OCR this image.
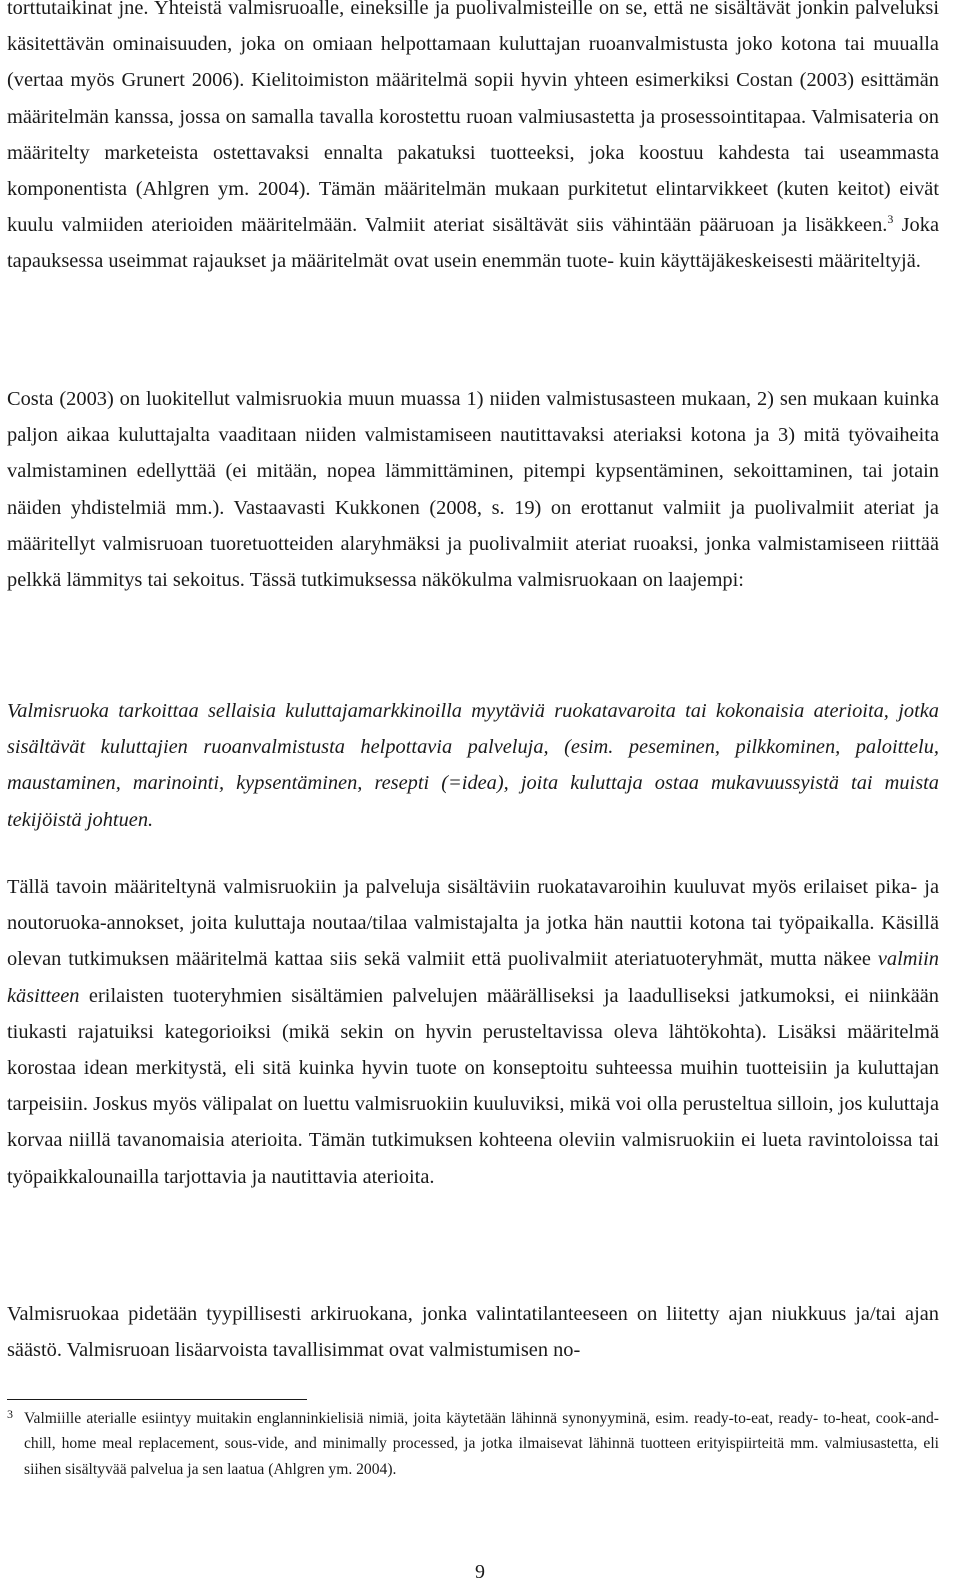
torttutaikinat jne. Yhteistä valmisruoalle, eineksille ja puolivalmisteille on se, että ne sisältävät jonkin palveluksi käsitettävän ominaisuuden, joka on omiaan helpottamaan kuluttajan ruoanvalmistusta joko kotona tai muualla (vertaa myös Grunert 2006). Kielitoimiston määritelmä sopii hyvin yhteen esimerkiksi Costan (2003) esittämän määritelmän kanssa, jossa on samalla tavalla korostettu ruoan valmiusastetta ja prosessointitapaa. Valmisateria on määritelty marketeista ostettavaksi ennalta pakatuksi tuotteeksi, joka koostuu kahdesta tai useammasta komponentista (Ahlgren ym. 2004). Tämän määritelmän mukaan purkitetut elintarvikkeet (kuten keitot) eivät kuulu valmiiden aterioiden määritelmään. Valmiit ateriat sisältävät siis vähintään pääruoan ja lisäkkeen.$^3$ Joka tapauksessa useimmat rajaukset ja määritelmät ovat usein enemmän tuote- kuin käyttäjäkeskeisesti määriteltyjä.

Costa (2003) on luokitellut valmisruokia muun muassa 1) niiden valmistusasteen mukaan, 2) sen mukaan kuinka paljon aikaa kuluttajalta vaaditaan niiden valmistamiseen nautittavaksi ateriaksi kotona ja 3) mitä työvaiheita valmistaminen edellyttää (ei mitään, nopea lämmittäminen, pitempi kypsentäminen, sekoittaminen, tai jotain näiden yhdistelmiä mm.). Vastaavasti Kukkonen (2008, s. 19) on erottanut valmiit ja puolivalmiit ateriat ja määritellyt valmisruoan tuoretuotteiden alaryhmäksi ja puolivalmiit ateriat ruoaksi, jonka valmistamiseen riittää pelkkä lämmitys tai sekoitus. Tässä tutkimuksessa näkökulma valmisruokaan on laajempi:

Valmisruoka tarkoittaa sellaisia kuluttajamarkkinoilla myytäviä ruokatavaroita tai kokonaisia aterioita, jotka sisältävät kuluttajien ruoanvalmistusta helpottavia palveluja, (esim. peseminen, pilkkominen, paloittelu, maustaminen, marinointi, kypsentäminen, resepti (=idea), joita kuluttaja ostaa mukavuussyistä tai muista tekijöistä johtuen.

Tällä tavoin määriteltynä valmisruokiin ja palveluja sisältäviin ruokatavaroihin kuuluvat myös erilaiset pika- ja noutoruoka-annokset, joita kuluttaja noutaa/tilaa valmistajalta ja jotka hän nauttii kotona tai työpaikalla. Käsillä olevan tutkimuksen määritelmä kattaa siis sekä valmiit että puolivalmiit ateriatuoteryhmät, mutta näkee valmiin käsitteen erilaisten tuoteryhmien sisältämien palvelujen määrälliseksi ja laadulliseksi jatkumoksi, ei niinkään tiukasti rajatuiksi kategorioiksi (mikä sekin on hyvin perusteltavissa oleva lähtökohta). Lisäksi määritelmä korostaa idean merkitystä, eli sitä kuinka hyvin tuote on konseptoitu suhteessa muihin tuotteisiin ja kuluttajan tarpeisiin. Joskus myös välipalat on luettu valmisruokiin kuuluviksi, mikä voi olla perusteltua silloin, jos kuluttaja korvaa niillä tavanomaisia aterioita. Tämän tutkimuksen kohteena oleviin valmisruokiin ei lueta ravintoloissa tai työpaikkalounailla tarjottavia ja nautittavia aterioita.

Valmisruokaa pidetään tyypillisesti arkiruokana, jonka valintatilanteeseen on liitetty ajan niukkuus ja/tai ajan säästö. Valmisruoan lisäarvoista tavallisimmat ovat valmistumisen no-

3 Valmiille aterialle esiintyy muitakin englanninkielisiä nimiä, joita käytetään lähinnä synonyyminä, esim. ready-to-eat, ready- to-heat, cook-and-chill, home meal replacement, sous-vide, and minimally processed, ja jotka ilmaisevat lähinnä tuotteen erityispiirteitä mm. valmiusastetta, eli siihen sisältyvää palvelua ja sen laatua (Ahlgren ym. 2004).
9
